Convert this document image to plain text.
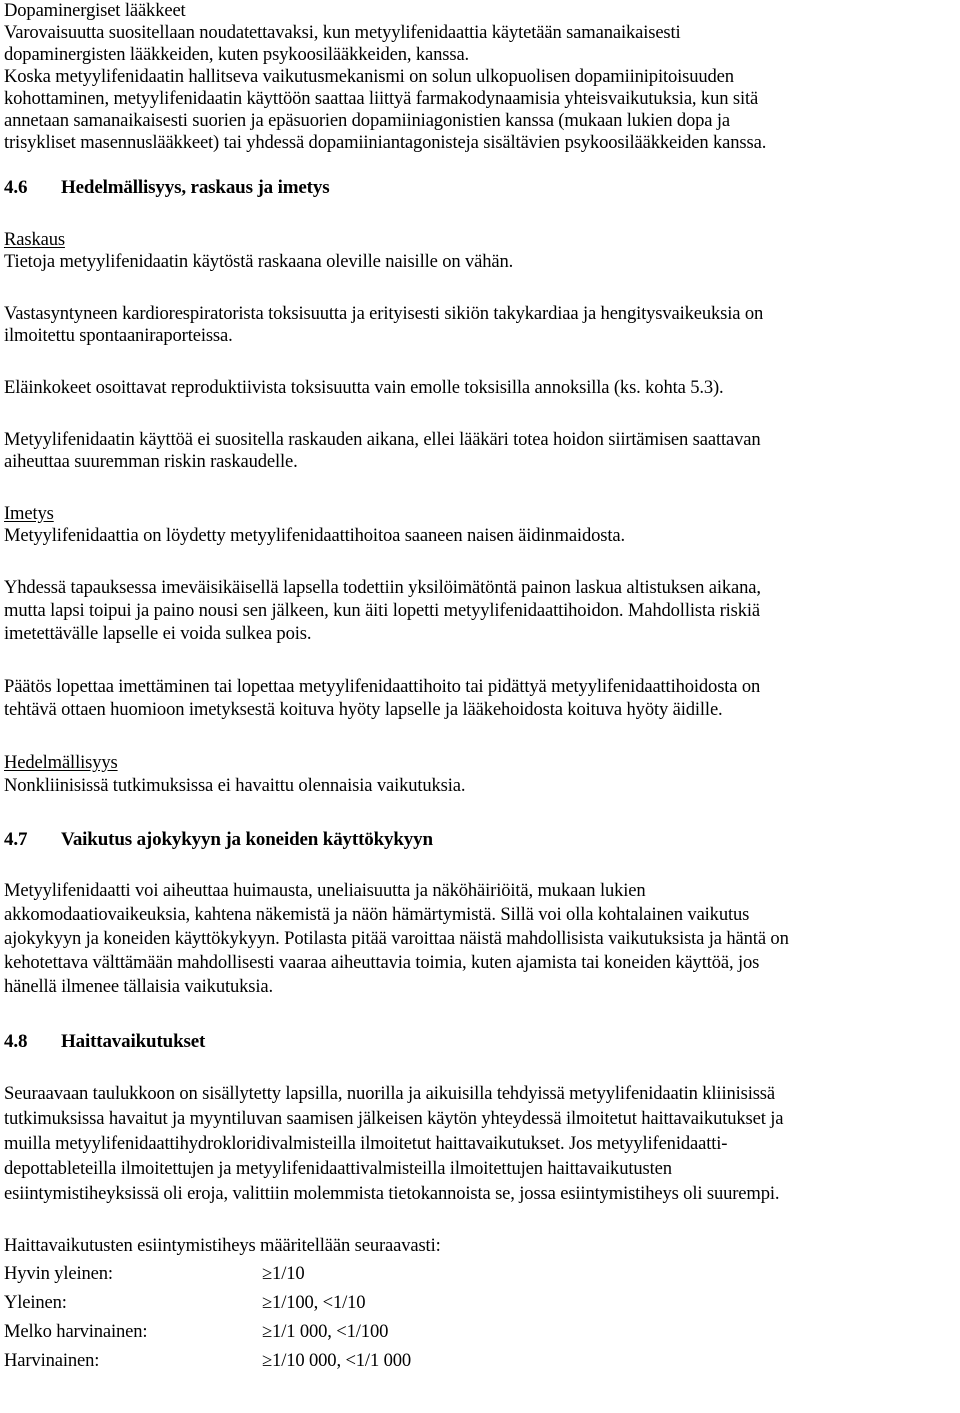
Dopaminergiset lääkkeet
Varovaisuutta suositellaan noudatettavaksi, kun metyylifenidaattia käytetään samanaikaisesti
dopaminergisten lääkkeiden, kuten psykoosilääkkeiden, kanssa.
Koska metyylifenidaatin hallitseva vaikutusmekanismi on solun ulkopuolisen dopamiinipitoisuuden
kohottaminen, metyylifenidaatin käyttöön saattaa liittyä farmakodynaamisia yhteisvaikutuksia, kun sitä
annetaan samanaikaisesti suorien ja epäsuorien dopamiiniagonistien kanssa (mukaan lukien dopa ja
trisykliset masennuslääkkeet) tai yhdessä dopamiiniantagonisteja sisältävien psykoosilääkkeiden kanssa.
4.6 Hedelmällisyys, raskaus ja imetys
Raskaus
Tietoja metyylifenidaatin käytöstä raskaana oleville naisille on vähän.
Vastasyntyneen kardiorespiratorista toksisuutta ja erityisesti sikiön takykardiaa ja hengitysvaikeuksia on
ilmoitettu spontaaniraporteissa.
Eläinkokeet osoittavat reproduktiivista toksisuutta vain emolle toksisilla annoksilla (ks. kohta 5.3).
Metyylifenidaatin käyttöä ei suositella raskauden aikana, ellei lääkäri totea hoidon siirtämisen saattavan
aiheuttaa suuremman riskin raskaudelle.
Imetys
Metyylifenidaattia on löydetty metyylifenidaattihoitoa saaneen naisen äidinmaidosta.
Yhdessä tapauksessa imeväisikäisellä lapsella todettiin yksilöimätöntä painon laskua altistuksen aikana,
mutta lapsi toipui ja paino nousi sen jälkeen, kun äiti lopetti metyylifenidaattihoidon. Mahdollista riskiä
imetettävälle lapselle ei voida sulkea pois.
Päätös lopettaa imettäminen tai lopettaa metyylifenidaattihoito tai pidättyä metyylifenidaattihoidosta on
tehtävä ottaen huomioon imetyksestä koituva hyöty lapselle ja lääkehoidosta koituva hyöty äidille.
Hedelmällisyys
Nonkliinisissä tutkimuksissa ei havaittu olennaisia vaikutuksia.
4.7 Vaikutus ajokykyyn ja koneiden käyttökykyyn
Metyylifenidaatti voi aiheuttaa huimausta, uneliaisuutta ja näköhäiriöitä, mukaan lukien
akkomodaatiovaikeuksia, kahtena näkemistä ja näön hämärtymistä. Sillä voi olla kohtalainen vaikutus
ajokykyyn ja koneiden käyttökykyyn. Potilasta pitää varoittaa näistä mahdollisista vaikutuksista ja häntä on
kehotettava välttämään mahdollisesti vaaraa aiheuttavia toimia, kuten ajamista tai koneiden käyttöä, jos
hänellä ilmenee tällaisia vaikutuksia.
4.8 Haittavaikutukset
Seuraavaan taulukkoon on sisällytetty lapsilla, nuorilla ja aikuisilla tehdyissä metyylifenidaatin kliinisissä
tutkimuksissa havaitut ja myyntiluvan saamisen jälkeisen käytön yhteydessä ilmoitetut haittavaikutukset ja
muilla metyylifenidaattihydrokloridivalmisteilla ilmoitetut haittavaikutukset. Jos metyylifenidaatti-
depottableteilla ilmoitettujen ja metyylifenidaattivalmisteilla ilmoitettujen haittavaikutusten
esiintymistiheyksissä oli eroja, valittiin molemmista tietokannoista se, jossa esiintymistiheys oli suurempi.
Haittavaikutusten esiintymistiheys määritellään seuraavasti:
Hyvin yleinen:	≥1/10
Yleinen:	≥1/100, <1/10
Melko harvinainen:	≥1/1 000, <1/100
Harvinainen:	≥1/10 000, <1/1 000
